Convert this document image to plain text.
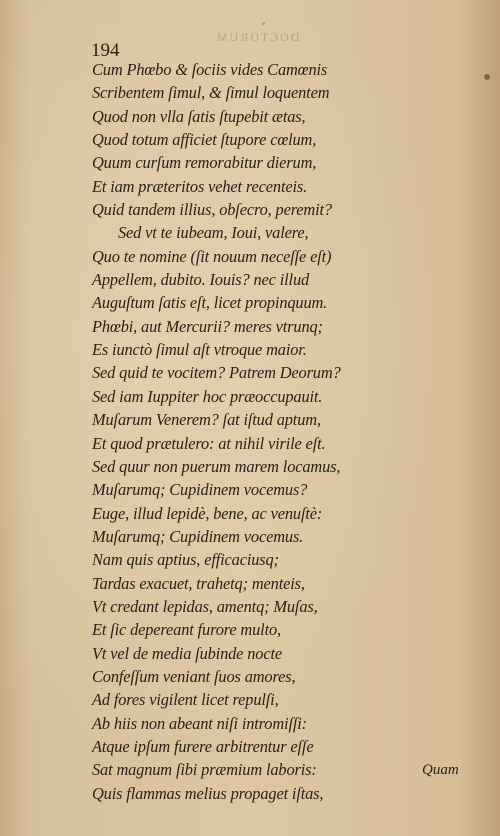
DOCTORUM
194
Cum Phœbo & ſociis vides Camœnis
Scribentem ſimul, & ſimul loquentem
Quod non vlla ſatis ſtupebit ætas,
Quod totum afficiet ſtupore cœlum,
Quum curſum remorabitur dierum,
Et iam præteritos vehet recenteis.
Quid tandem illius, obſecro, peremit?
Sed vt te iubeam, Ioui, valere,
Quo te nomine (ſit nouum neceſſe eſt)
Appellem, dubito. Iouis? nec illud
Auguſtum ſatis eſt, licet propinquum.
Phœbi, aut Mercurii? meres vtrunq;
Es iunctò ſimul aſt vtroque maior.
Sed quid te vocitem? Patrem Deorum?
Sed iam Iuppiter hoc præoccupauit.
Muſarum Venerem? ſat iſtud aptum,
Et quod prætulero: at nihil virile eſt.
Sed quur non puerum marem locamus,
Muſarumq; Cupidinem vocemus?
Euge, illud lepidè, bene, ac venuſtè:
Muſarumq; Cupidinem vocemus.
Nam quis aptius, efficaciusq;
Tardas exacuet, trahetq; menteis,
Vt credant lepidas, amentq; Muſas,
Et ſic depereant furore multo,
Vt vel de media ſubinde nocte
Confeſſum veniant ſuos amores,
Ad fores vigilent licet repulſi,
Ab hiis non abeant niſi intromiſſi:
Atque ipſum furere arbitrentur eſſe
Sat magnum ſibi præmium laboris:
Quis flammas melius propaget iſtas,
Quam
